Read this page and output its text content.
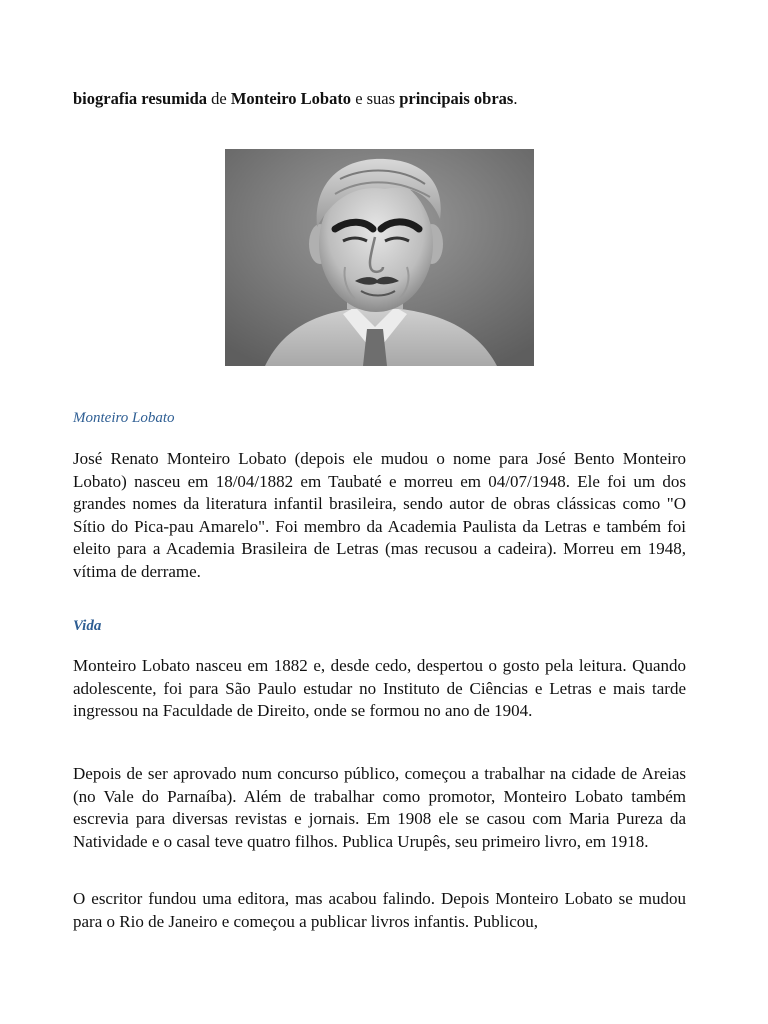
biografia resumida de Monteiro Lobato e suas principais obras.
Monteiro Lobato

José Renato Monteiro Lobato (depois ele mudou o nome para José Bento Monteiro Lobato) nasceu em 18/04/1882 em Taubaté e morreu em 04/07/1948. Ele foi um dos grandes nomes da literatura infantil brasileira, sendo autor de obras clássicas como "O Sítio do Pica-pau Amarelo". Foi membro da Academia Paulista da Letras e também foi eleito para a Academia Brasileira de Letras (mas recusou a cadeira). Morreu em 1948, vítima de derrame.

Vida

Monteiro Lobato nasceu em 1882 e, desde cedo, despertou o gosto pela leitura. Quando adolescente, foi para São Paulo estudar no Instituto de Ciências e Letras e mais tarde ingressou na Faculdade de Direito, onde se formou no ano de 1904.

Depois de ser aprovado num concurso público, começou a trabalhar na cidade de Areias (no Vale do Parnaíba). Além de trabalhar como promotor, Monteiro Lobato também escrevia para diversas revistas e jornais. Em 1908 ele se casou com Maria Pureza da Natividade e o casal teve quatro filhos. Publica Urupês, seu primeiro livro, em 1918.

O escritor fundou uma editora, mas acabou falindo. Depois Monteiro Lobato se mudou para o Rio de Janeiro e começou a publicar livros infantis. Publicou,
